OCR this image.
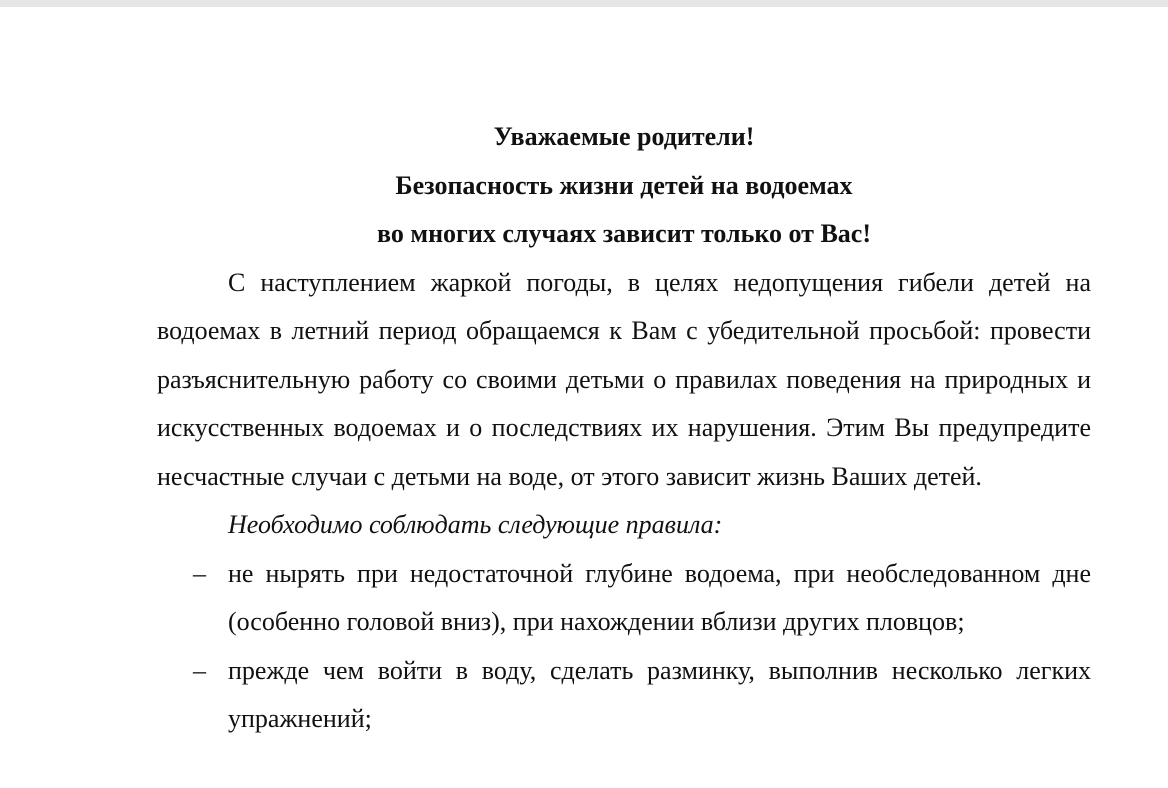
Уважаемые родители!

Безопасность жизни детей на водоемах

во многих случаях зависит только от Вас!

С наступлением жаркой погоды, в целях недопущения гибели детей на водоемах в летний период обращаемся к Вам с убедительной просьбой: провести разъяснительную работу со своими детьми о правилах поведения на природных и искусственных водоемах и о последствиях их нарушения. Этим Вы предупредите несчастные случаи с детьми на воде, от этого зависит жизнь Ваших детей.

Необходимо соблюдать следующие правила:

– не нырять при недостаточной глубине водоема, при необследованном дне (особенно головой вниз), при нахождении вблизи других пловцов;
– прежде чем войти в воду, сделать разминку, выполнив несколько легких упражнений;
